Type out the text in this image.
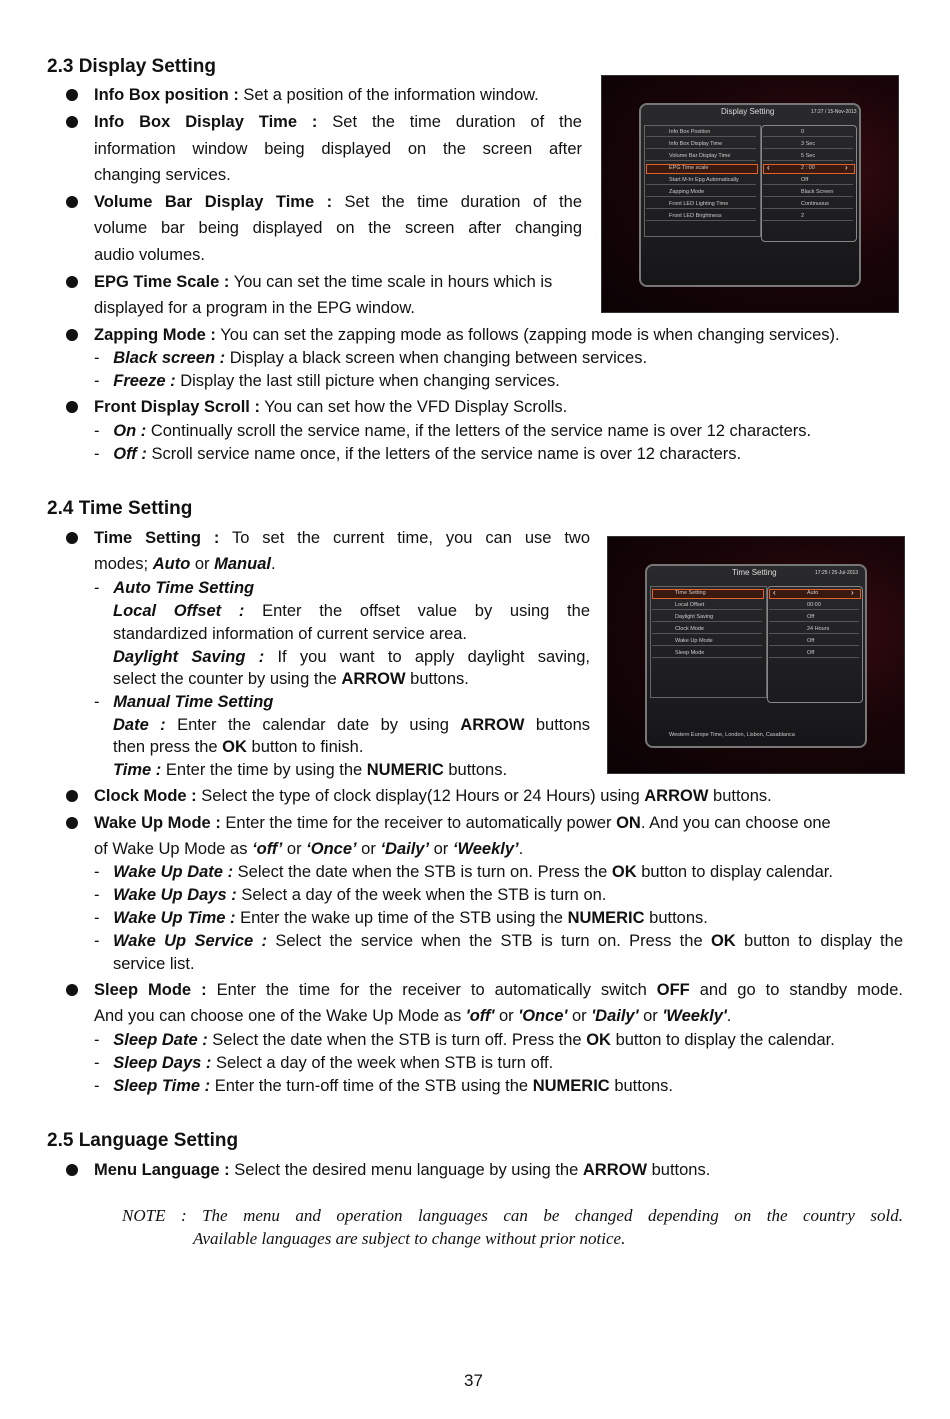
2.3 Display Setting
Info Box position : Set a position of the information window.
Info Box Display Time : Set the time duration of the
information window being displayed on the screen after
changing services.
Volume Bar Display Time : Set the time duration of the
volume bar being displayed on the screen after changing
audio volumes.
EPG Time Scale : You can set the time scale in hours which is
displayed for a program in the EPG window.
Zapping Mode : You can set the zapping mode as follows (zapping mode is when changing services).
-   Black screen : Display a black screen when changing between services.
-   Freeze : Display the last still picture when changing services.
Front Display Scroll : You can set how the VFD Display Scrolls.
-   On : Continually scroll the service name, if the letters of the service name is over 12 characters.
-   Off : Scroll service name once, if the letters of the service name is over 12 characters.
Display Setting	17:27 / 15-Nov-2013
Info Box Position	0
Info Box Display Time	3 Sec
Volume Bar Display Time	5 Sec
EPG Time scale	2 : 00
‹	›
Start M-hr Epg Automatically	Off
Zapping Mode	Black Screen
Front LED Lighting Time	Continuous
Front LED Brightness	2
2.4 Time Setting
Time Setting : To set the current time, you can use two
modes; Auto or Manual.
-   Auto Time Setting
Local Offset : Enter the offset value by using the
standardized information of current service area.
Daylight Saving : If you want to apply daylight saving,
select the counter by using the ARROW buttons.
-   Manual Time Setting
Date : Enter the calendar date by using ARROW buttons
then press the OK button to finish.
Time : Enter the time by using the NUMERIC buttons.
Clock Mode : Select the type of clock display(12 Hours or 24 Hours) using ARROW buttons.
Wake Up Mode : Enter the time for the receiver to automatically power ON. And you can choose one
of Wake Up Mode as ‘off’ or ‘Once’ or ‘Daily’ or ‘Weekly’.
-   Wake Up Date : Select the date when the STB is turn on. Press the OK button to display calendar.
-   Wake Up Days : Select a day of the week when the STB is turn on.
-   Wake Up Time : Enter the wake up time of the STB using the NUMERIC buttons.
- Wake Up Service : Select the service when the STB is turn on. Press the OK button to display the
service list.
Sleep Mode : Enter the time for the receiver to automatically switch OFF and go to standby mode.
And you can choose one of the Wake Up Mode as 'off' or 'Once' or 'Daily' or 'Weekly'.
-   Sleep Date : Select the date when the STB is turn off. Press the OK button to display the calendar.
-   Sleep Days : Select a day of the week when STB is turn off.
-   Sleep Time : Enter the turn-off time of the STB using the NUMERIC buttons.
Time Setting	17:25 / 25-Jul-2013
Time Setting	Auto
‹	›
Local Offset	00:00
Daylight Saving	Off
Clock Mode	24 Hours
Wake Up Mode	Off
Sleep Mode	Off
Western Europe Time, London, Lisbon, Casablanca
2.5 Language Setting
Menu Language : Select the desired menu language by using the ARROW buttons.
NOTE : The menu and operation languages can be changed depending on the country sold.
Available languages are subject to change without prior notice.
37
